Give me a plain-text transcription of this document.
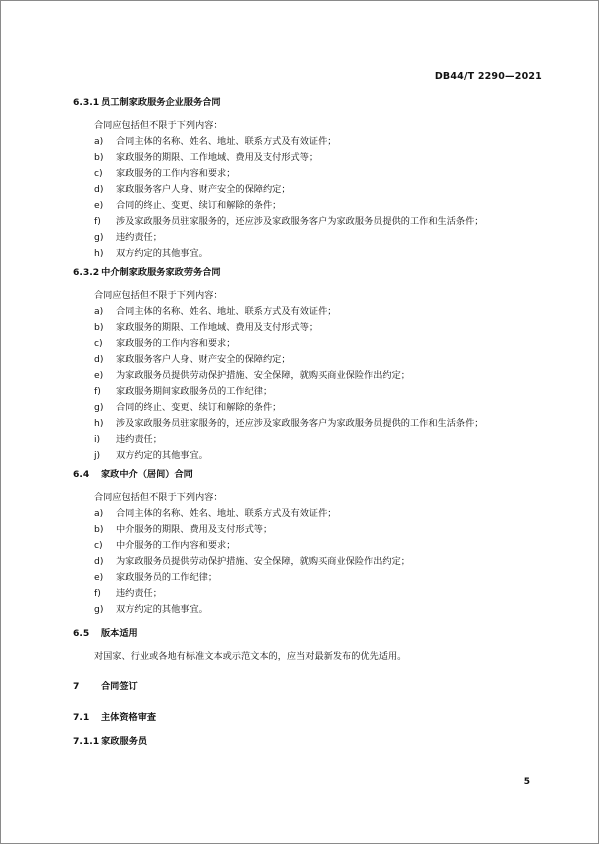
DB44/T 2290—2021
6.3.1 员工制家政服务企业服务合同
合同应包括但不限于下列内容：
a) 合同主体的名称、姓名、地址、联系方式及有效证件；
b) 家政服务的期限、工作地域、费用及支付形式等；
c) 家政服务的工作内容和要求；
d) 家政服务客户人身、财产安全的保障约定；
e) 合同的终止、变更、续订和解除的条件；
f) 涉及家政服务员驻家服务的，还应涉及家政服务客户为家政服务员提供的工作和生活条件；
g) 违约责任；
h) 双方约定的其他事宜。
6.3.2 中介制家政服务家政劳务合同
合同应包括但不限于下列内容：
a) 合同主体的名称、姓名、地址、联系方式及有效证件；
b) 家政服务的期限、工作地域、费用及支付形式等；
c) 家政服务的工作内容和要求；
d) 家政服务客户人身、财产安全的保障约定；
e) 为家政服务员提供劳动保护措施、安全保障，就购买商业保险作出约定；
f) 家政服务期间家政服务员的工作纪律；
g) 合同的终止、变更、续订和解除的条件；
h) 涉及家政服务员驻家服务的，还应涉及家政服务客户为家政服务员提供的工作和生活条件；
i) 违约责任；
j) 双方约定的其他事宜。
6.4 家政中介（居间）合同
合同应包括但不限于下列内容：
a) 合同主体的名称、姓名、地址、联系方式及有效证件；
b) 中介服务的期限、费用及支付形式等；
c) 中介服务的工作内容和要求；
d) 为家政服务员提供劳动保护措施、安全保障，就购买商业保险作出约定；
e) 家政服务员的工作纪律；
f) 违约责任；
g) 双方约定的其他事宜。
6.5 版本适用
对国家、行业或各地有标准文本或示范文本的，应当对最新发布的优先适用。
7 合同签订
7.1 主体资格审查
7.1.1 家政服务员
5
